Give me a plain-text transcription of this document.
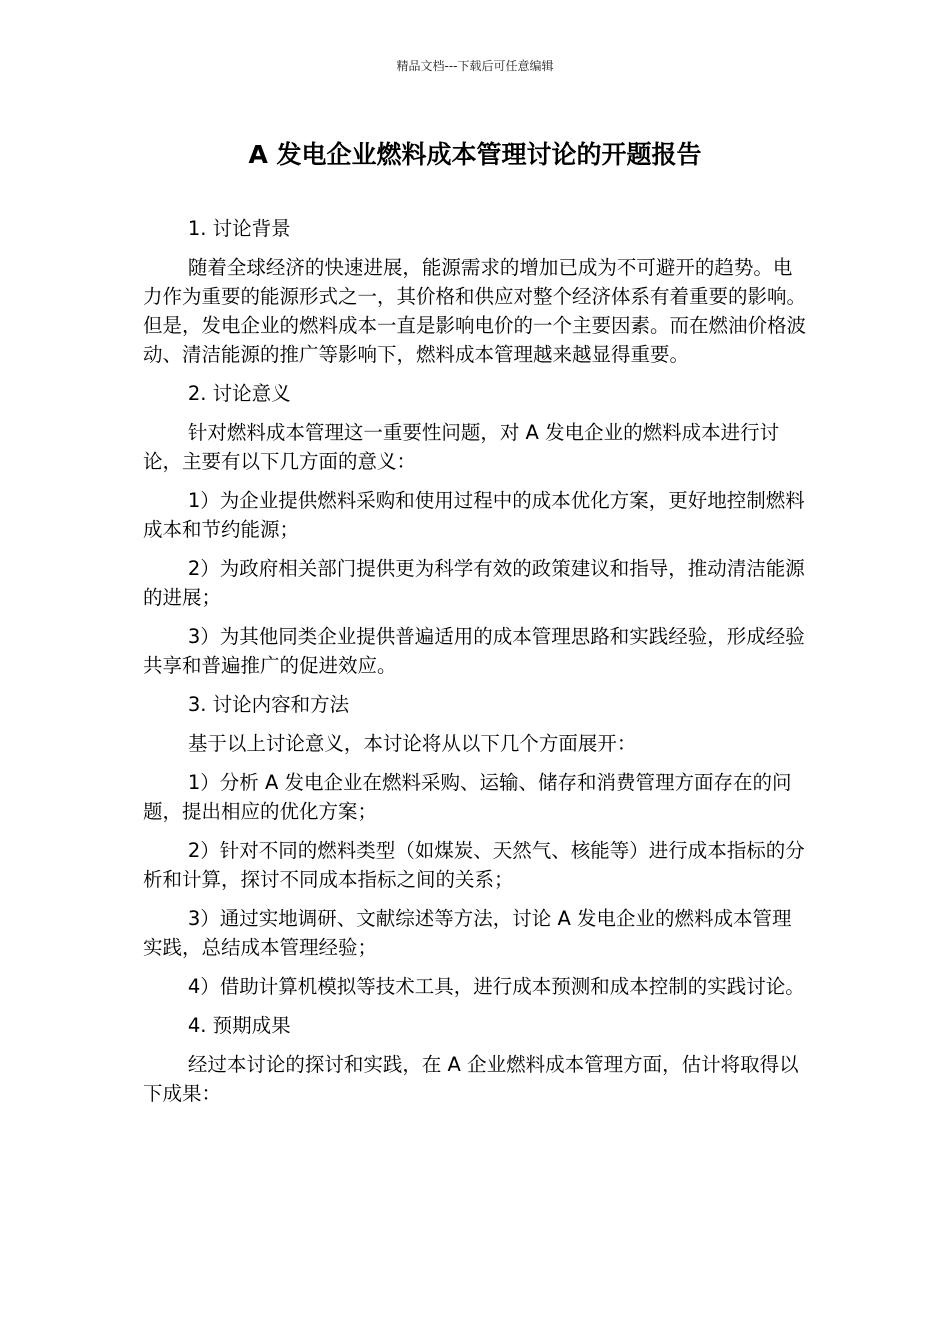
精品文档---下载后可任意编辑
A 发电企业燃料成本管理讨论的开题报告

1. 讨论背景

随着全球经济的快速进展，能源需求的增加已成为不可避开的趋势。电力作为重要的能源形式之一，其价格和供应对整个经济体系有着重要的影响。但是，发电企业的燃料成本一直是影响电价的一个主要因素。而在燃油价格波动、清洁能源的推广等影响下，燃料成本管理越来越显得重要。

2. 讨论意义

针对燃料成本管理这一重要性问题，对 A 发电企业的燃料成本进行讨论，主要有以下几方面的意义：

1）为企业提供燃料采购和使用过程中的成本优化方案，更好地控制燃料成本和节约能源；

2）为政府相关部门提供更为科学有效的政策建议和指导，推动清洁能源的进展；

3）为其他同类企业提供普遍适用的成本管理思路和实践经验，形成经验共享和普遍推广的促进效应。

3. 讨论内容和方法

基于以上讨论意义，本讨论将从以下几个方面展开：

1）分析 A 发电企业在燃料采购、运输、储存和消费管理方面存在的问题，提出相应的优化方案；

2）针对不同的燃料类型（如煤炭、天然气、核能等）进行成本指标的分析和计算，探讨不同成本指标之间的关系；

3）通过实地调研、文献综述等方法，讨论 A 发电企业的燃料成本管理实践，总结成本管理经验；

4）借助计算机模拟等技术工具，进行成本预测和成本控制的实践讨论。

4. 预期成果

经过本讨论的探讨和实践，在 A 企业燃料成本管理方面，估计将取得以下成果：
